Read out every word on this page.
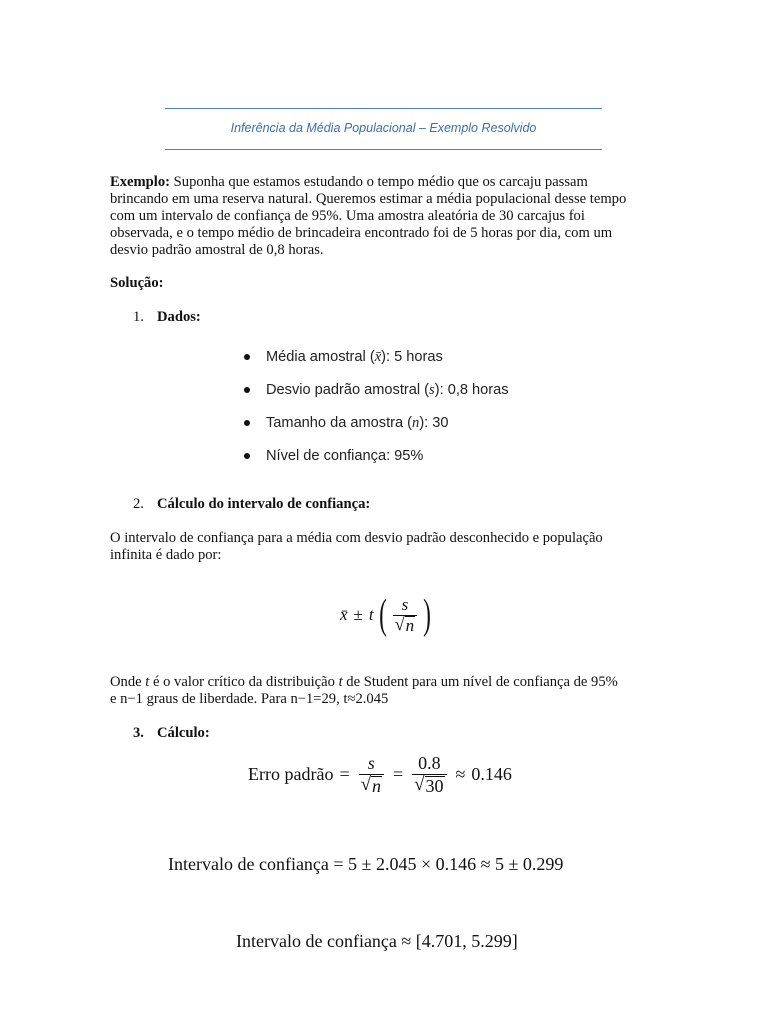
Inferência da Média Populacional – Exemplo Resolvido
Exemplo: Suponha que estamos estudando o tempo médio que os carcaju passam
brincando em uma reserva natural. Queremos estimar a média populacional desse tempo
com um intervalo de confiança de 95%. Uma amostra aleatória de 30 carcajus foi
observada, e o tempo médio de brincadeira encontrado foi de 5 horas por dia, com um
desvio padrão amostral de 0,8 horas.
Solução:
1. Dados:
Média amostral ( x̄ ): 5 horas
Desvio padrão amostral ( s ): 0,8 horas
Tamanho da amostra ( n ): 30
Nível de confiança: 95%
2. Cálculo do intervalo de confiança:
O intervalo de confiança para a média com desvio padrão desconhecido e população
infinita é dado por:
x̄ ± t ( $\frac{s}{√ n}$ )
Onde t é o valor crítico da distribuição t de Student para um nível de confiança de 95%
e n−1 graus de liberdade. Para n−1=29, t≈2.045
3. Cálculo:
Erro padrão = $\frac{s}{√ n} = \frac{0.8}{√ 30} \approx 0.146$
Intervalo de confiança = 5 ± 2.045 × 0.146 ≈ 5 ± 0.299
Intervalo de confiança ≈ [4.701, 5.299]
